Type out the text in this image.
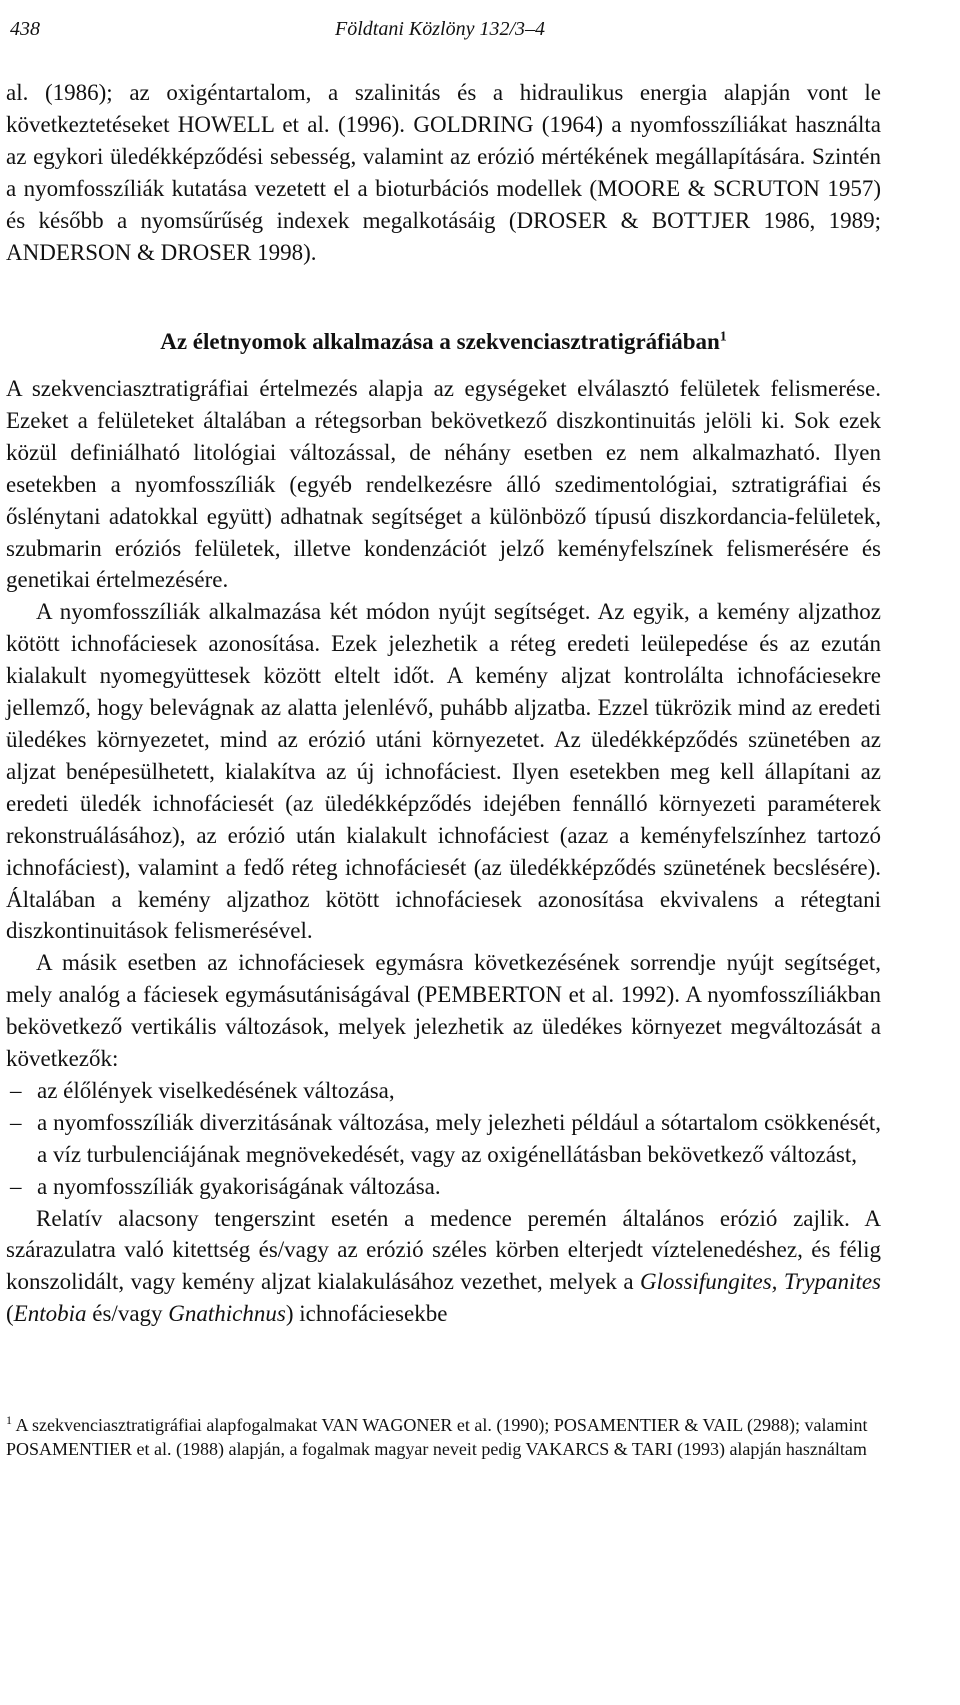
438	Földtani Közlöny 132/3–4

al. (1986); az oxigéntartalom, a szalinitás és a hidraulikus energia alapján vont le következtetéseket HOWELL et al. (1996). GOLDRING (1964) a nyomfosszíliákat használta az egykori üledékképződési sebesség, valamint az erózió mértékének megállapítására. Szintén a nyomfosszíliák kutatása vezetett el a bioturbációs modellek (MOORE & SCRUTON 1957) és később a nyomsűrűség indexek megalkotásáig (DROSER & BOTTJER 1986, 1989; ANDERSON & DROSER 1998).

Az életnyomok alkalmazása a szekvenciasztratigráfiában$^1$

A szekvenciasztratigráfiai értelmezés alapja az egységeket elválasztó felületek felismerése. Ezeket a felületeket általában a rétegsorban bekövetkező diszkontinuitás jelöli ki. Sok ezek közül definiálható litológiai változással, de néhány esetben ez nem alkalmazható. Ilyen esetekben a nyomfosszíliák (egyéb rendelkezésre álló szedimentológiai, sztratigráfiai és őslénytani adatokkal együtt) adhatnak segítséget a különböző típusú diszkordancia-felületek, szubmarin eróziós felületek, illetve kondenzációt jelző keményfelszínek felismerésére és genetikai értelmezésére.

A nyomfosszíliák alkalmazása két módon nyújt segítséget. Az egyik, a kemény aljzathoz kötött ichnofáciesek azonosítása. Ezek jelezhetik a réteg eredeti leülepedése és az ezután kialakult nyomegyüttesek között eltelt időt. A kemény aljzat kontrolálta ichnofáciesekre jellemző, hogy belevágnak az alatta jelenlévő, puhább aljzatba. Ezzel tükrözik mind az eredeti üledékes környezetet, mind az erózió utáni környezetet. Az üledékképződés szünetében az aljzat benépesülhetett, kialakítva az új ichnofáciest. Ilyen esetekben meg kell állapítani az eredeti üledék ichnofáciesét (az üledékképződés idejében fennálló környezeti paraméterek rekonstruálásához), az erózió után kialakult ichnofáciest (azaz a keményfelszínhez tartozó ichnofáciest), valamint a fedő réteg ichnofáciesét (az üledékképződés szünetének becslésére). Általában a kemény aljzathoz kötött ichnofáciesek azonosítása ekvivalens a rétegtani diszkontinuitások felismerésével.

A másik esetben az ichnofáciesek egymásra következésének sorrendje nyújt segítséget, mely analóg a fáciesek egymásutániságával (PEMBERTON et al. 1992). A nyomfosszíliákban bekövetkező vertikális változások, melyek jelezhetik az üledékes környezet megváltozását a következők:

– az élőlények viselkedésének változása,
– a nyomfosszíliák diverzitásának változása, mely jelezheti például a sótartalom csökkenését, a víz turbulenciájának megnövekedését, vagy az oxigénellátásban bekövetkező változást,
– a nyomfosszíliák gyakoriságának változása.

Relatív alacsony tengerszint esetén a medence peremén általános erózió zajlik. A szárazulatra való kitettség és/vagy az erózió széles körben elterjedt víztelenedéshez, és félig konszolidált, vagy kemény aljzat kialakulásához vezethet, melyek a Glossifungites, Trypanites (Entobia és/vagy Gnathichnus) ichnofáciesekbe

$^1$ A szekvenciasztratigráfiai alapfogalmakat VAN WAGONER et al. (1990); POSAMENTIER & VAIL (2988); valamint POSAMENTIER et al. (1988) alapján, a fogalmak magyar neveit pedig VAKARCS & TARI (1993) alapján használtam
